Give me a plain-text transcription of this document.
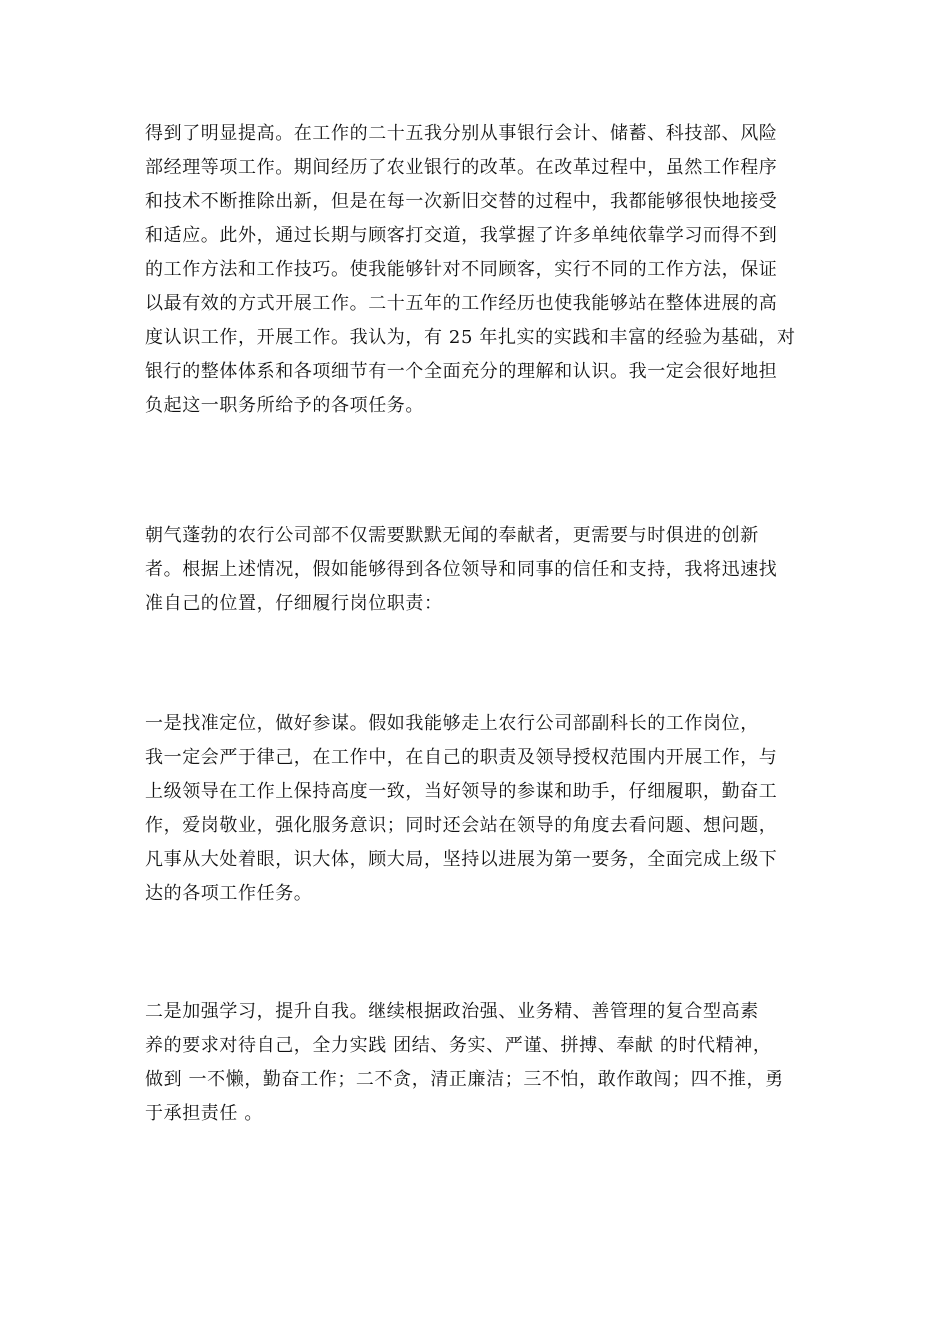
得到了明显提高。在工作的二十五我分别从事银行会计、储蓄、科技部、风险
部经理等项工作。期间经历了农业银行的改革。在改革过程中，虽然工作程序
和技术不断推除出新，但是在每一次新旧交替的过程中，我都能够很快地接受
和适应。此外，通过长期与顾客打交道，我掌握了许多单纯依靠学习而得不到
的工作方法和工作技巧。使我能够针对不同顾客，实行不同的工作方法，保证
以最有效的方式开展工作。二十五年的工作经历也使我能够站在整体进展的高
度认识工作，开展工作。我认为，有 25 年扎实的实践和丰富的经验为基础，对
银行的整体体系和各项细节有一个全面充分的理解和认识。我一定会很好地担
负起这一职务所给予的各项任务。
朝气蓬勃的农行公司部不仅需要默默无闻的奉献者，更需要与时俱进的创新
者。根据上述情况，假如能够得到各位领导和同事的信任和支持，我将迅速找
准自己的位置，仔细履行岗位职责：
一是找准定位，做好参谋。假如我能够走上农行公司部副科长的工作岗位，
我一定会严于律己，在工作中，在自己的职责及领导授权范围内开展工作，与
上级领导在工作上保持高度一致，当好领导的参谋和助手，仔细履职，勤奋工
作，爱岗敬业，强化服务意识；同时还会站在领导的角度去看问题、想问题，
凡事从大处着眼，识大体，顾大局，坚持以进展为第一要务，全面完成上级下
达的各项工作任务。
二是加强学习，提升自我。继续根据政治强、业务精、善管理的复合型高素
养的要求对待自己，全力实践 团结、务实、严谨、拼搏、奉献 的时代精神，
做到 一不懒，勤奋工作；二不贪，清正廉洁；三不怕，敢作敢闯；四不推，勇
于承担责任 。
